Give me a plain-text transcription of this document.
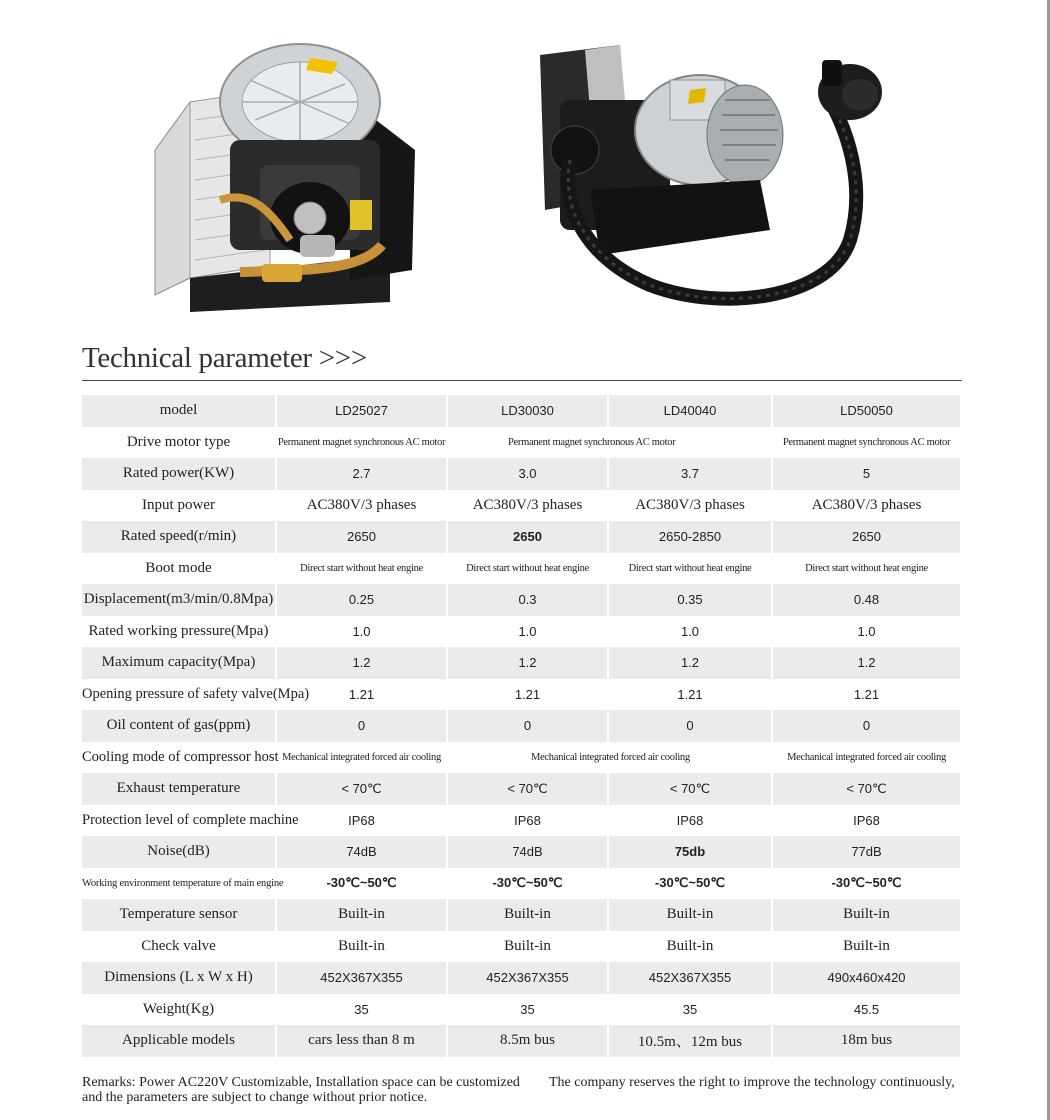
Technical parameter >>>
model	LD25027	LD30030	LD40040	LD50050
Drive motor type	Permanent magnet synchronous AC motor	Permanent magnet synchronous AC motor		Permanent magnet synchronous AC motor
Rated power(KW)	2.7	3.0	3.7	5
Input power	AC380V/3 phases	AC380V/3 phases	AC380V/3 phases	AC380V/3 phases
Rated speed(r/min)	2650	2650	2650-2850	2650
Boot mode	Direct start without heat engine	Direct start without heat engine	Direct start without heat engine	Direct start without heat engine
Displacement(m3/min/0.8Mpa)	0.25	0.3	0.35	0.48
Rated working pressure(Mpa)	1.0	1.0	1.0	1.0
Maximum capacity(Mpa)	1.2	1.2	1.2	1.2
Opening pressure of safety valve(Mpa)	1.21	1.21	1.21	1.21
Oil content of gas(ppm)	0	0	0	0
Cooling mode of compressor host	Mechanical integrated forced air cooling	Mechanical integrated forced air cooling		Mechanical integrated forced air cooling
Exhaust temperature	< 70℃	< 70℃	< 70℃	< 70℃
Protection level of complete machine	IP68	IP68	IP68	IP68
Noise(dB)	74dB	74dB	75db	77dB
Working environment temperature of main engine	-30℃~50℃	-30℃~50℃	-30℃~50℃	-30℃~50℃
Temperature sensor	Built-in	Built-in	Built-in	Built-in
Check valve	Built-in	Built-in	Built-in	Built-in
Dimensions (L x W x H)	452X367X355	452X367X355	452X367X355	490x460x420
Weight(Kg)	35	35	35	45.5
Applicable models	cars less than 8 m	8.5m bus	10.5m、12m bus	18m bus
Remarks: Power AC220V Customizable, Installation space can be customized and the parameters are subject to change without prior notice.
The company reserves the right to improve the technology continuously,
